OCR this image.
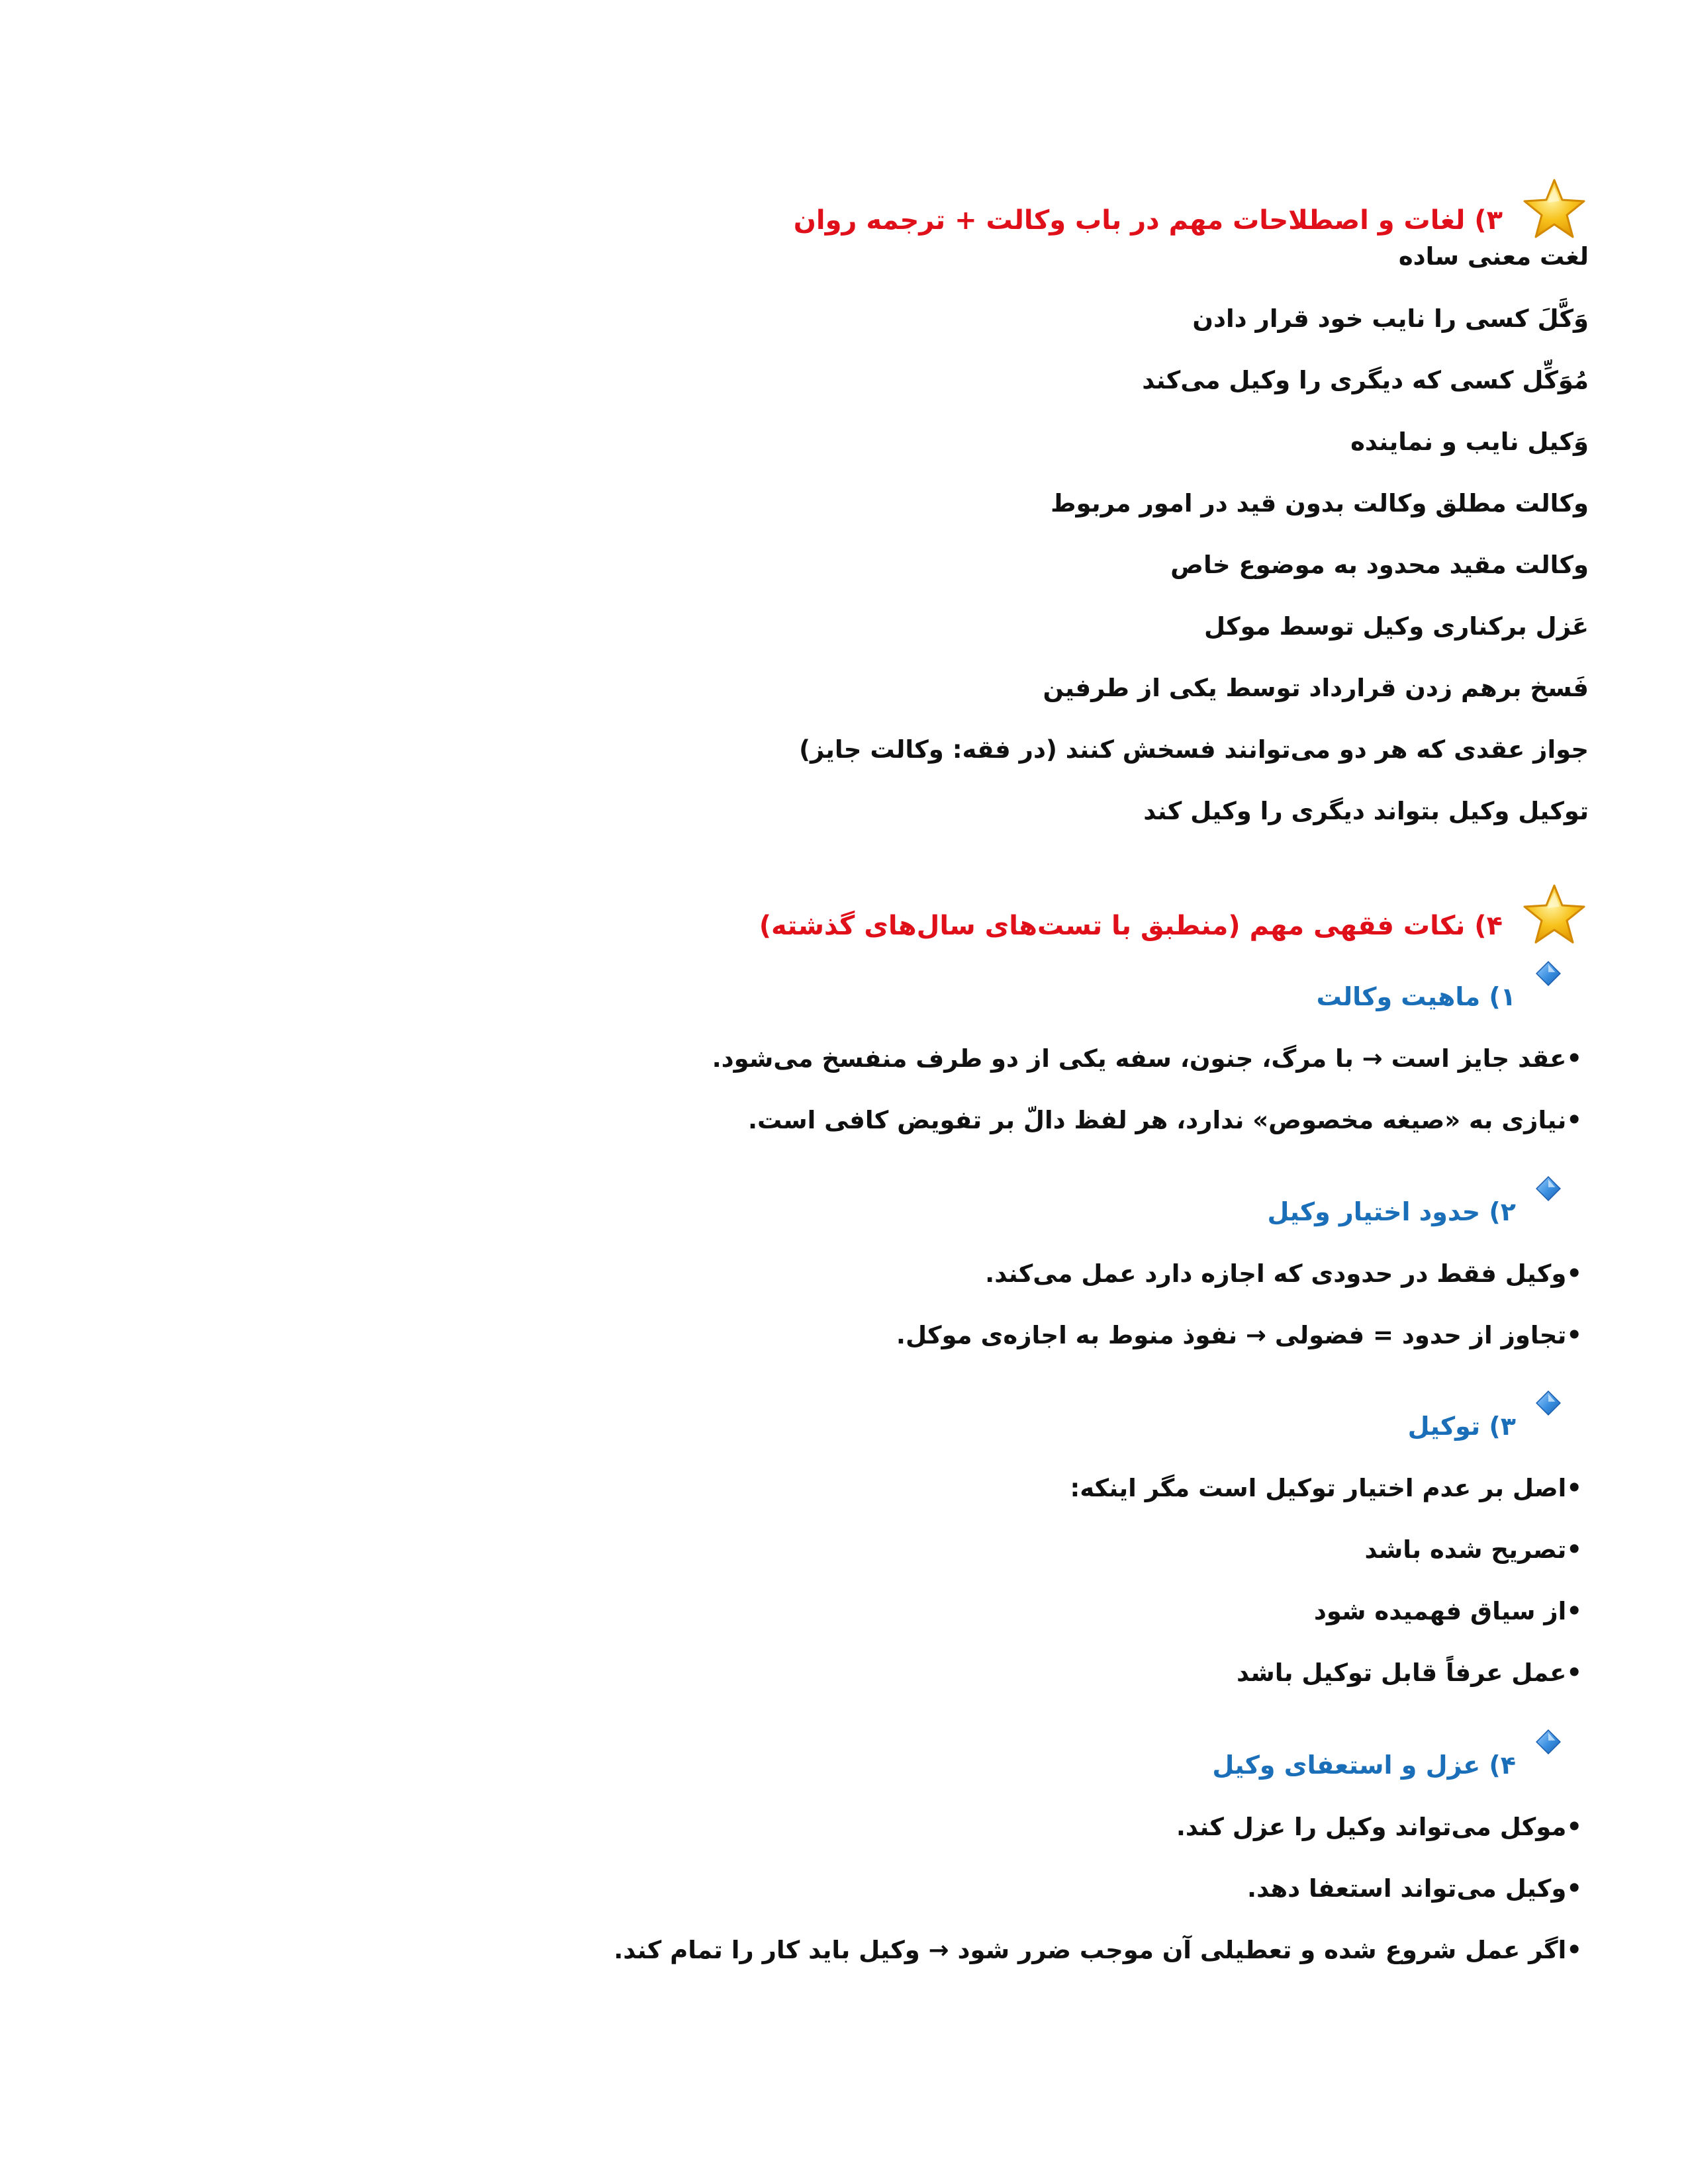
۳) لغات و اصطلاحات مهم در باب وکالت + ترجمه روان
لغت معنی ساده
وَکَّلَ کسی را نایب خود قرار دادن
مُوَکِّل کسی که دیگری را وکیل می‌کند
وَکیل نایب و نماینده
وکالت مطلق وکالت بدون قید در امور مربوط
وکالت مقید محدود به موضوع خاص
عَزل برکناری وکیل توسط موکل
فَسخ برهم زدن قرارداد توسط یکی از طرفین
جواز عقدی که هر دو می‌توانند فسخش کنند (در فقه: وکالت جایز)
توکیل وکیل بتواند دیگری را وکیل کند
۴) نکات فقهی مهم (منطبق با تست‌های سال‌های گذشته)
۱) ماهیت وکالت
•عقد جایز است → با مرگ، جنون، سفه یکی از دو طرف منفسخ می‌شود.
•نیازی به «صیغه مخصوص» ندارد، هر لفظ دالّ بر تفویض کافی است.
۲) حدود اختیار وکیل
•وکیل فقط در حدودی که اجازه دارد عمل می‌کند.
•تجاوز از حدود = فضولی → نفوذ منوط به اجازه‌ی موکل.
۳) توکیل
•اصل بر عدم اختیار توکیل است مگر اینکه:
•تصریح شده باشد
•از سیاق فهمیده شود
•عمل عرفاً قابل توکیل باشد
۴) عزل و استعفای وکیل
•موکل می‌تواند وکیل را عزل کند.
•وکیل می‌تواند استعفا دهد.
•اگر عمل شروع شده و تعطیلی آن موجب ضرر شود → وکیل باید کار را تمام کند.
